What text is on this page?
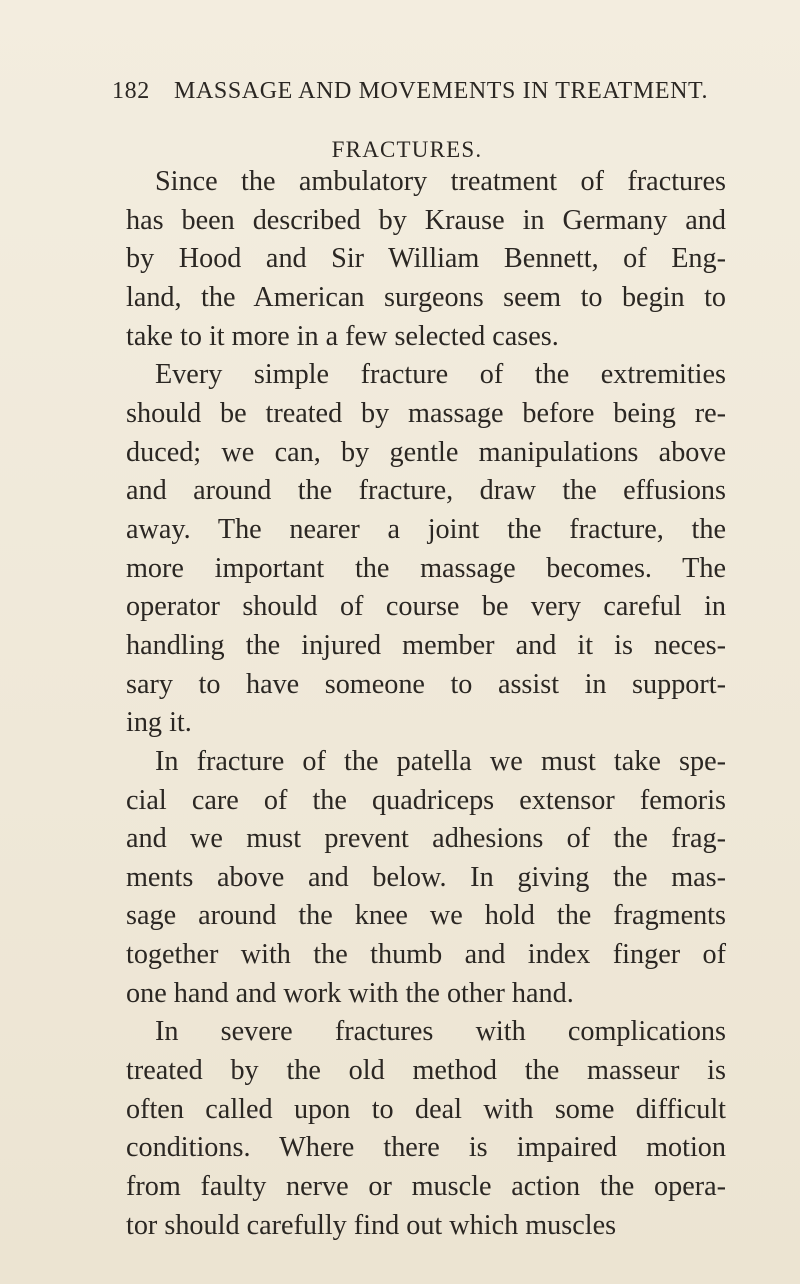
182 MASSAGE AND MOVEMENTS IN TREATMENT.
FRACTURES.
Since the ambulatory treatment of fractures
has been described by Krause in Germany and
by Hood and Sir William Bennett, of Eng-
land, the American surgeons seem to begin to
take to it more in a few selected cases.
Every simple fracture of the extremities
should be treated by massage before being re-
duced; we can, by gentle manipulations above
and around the fracture, draw the effusions
away. The nearer a joint the fracture, the
more important the massage becomes. The
operator should of course be very careful in
handling the injured member and it is neces-
sary to have someone to assist in support-
ing it.
In fracture of the patella we must take spe-
cial care of the quadriceps extensor femoris
and we must prevent adhesions of the frag-
ments above and below. In giving the mas-
sage around the knee we hold the fragments
together with the thumb and index finger of
one hand and work with the other hand.
In severe fractures with complications
treated by the old method the masseur is
often called upon to deal with some difficult
conditions. Where there is impaired motion
from faulty nerve or muscle action the opera-
tor should carefully find out which muscles
